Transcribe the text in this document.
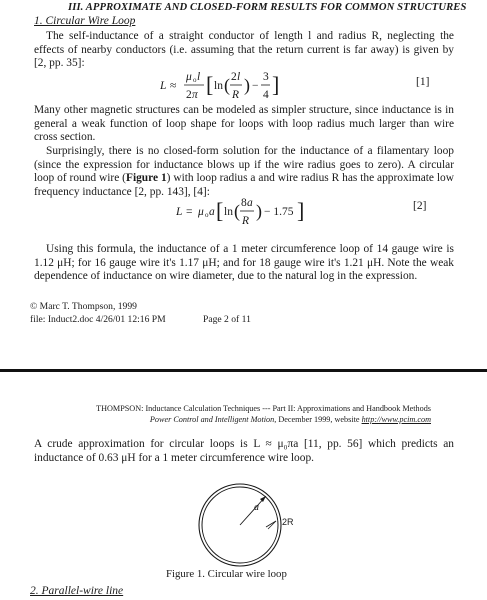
III. APPROXIMATE AND CLOSED-FORM RESULTS FOR COMMON STRUCTURES
1. Circular Wire Loop
The self-inductance of a straight conductor of length l and radius R, neglecting the effects of nearby conductors (i.e. assuming that the return current is far away) is given by [2, pp. 35]:
L ≈
μ o l
2 π [ ln ( 2 l
R ) −
3
4 ]	[1]
Many other magnetic structures can be modeled as simpler structure, since inductance is in general a weak function of loop shape for loops with loop radius much larger than wire cross section.
Surprisingly, there is no closed-form solution for the inductance of a filamentary loop (since the expression for inductance blows up if the wire radius goes to zero). A circular loop of round wire (Figure 1) with loop radius a and wire radius R has the approximate low frequency inductance [2, pp. 143], [4]:
L = μ o a [ ln ( 8 a
R ) − 1.75 ]	[2]
Using this formula, the inductance of a 1 meter circumference loop of 14 gauge wire is 1.12 μH; for 16 gauge wire it's 1.17 μH; and for 18 gauge wire it's 1.21 μH. Note the weak dependence of inductance on wire diameter, due to the natural log in the expression.
© Marc T. Thompson, 1999
file: Induct2.doc 4/26/01 12:16 PM	Page 2 of 11
THOMPSON: Inductance Calculation Techniques --- Part II: Approximations and Handbook Methods
Power Control and Intelligent Motion, December 1999, website http://www.pcim.com
A crude approximation for circular loops is L ≈ μ₀πa [11, pp. 56] which predicts an inductance of 0.63 μH for a 1 meter circumference wire loop.
a
2R
Figure 1. Circular wire loop
2. Parallel-wire line
